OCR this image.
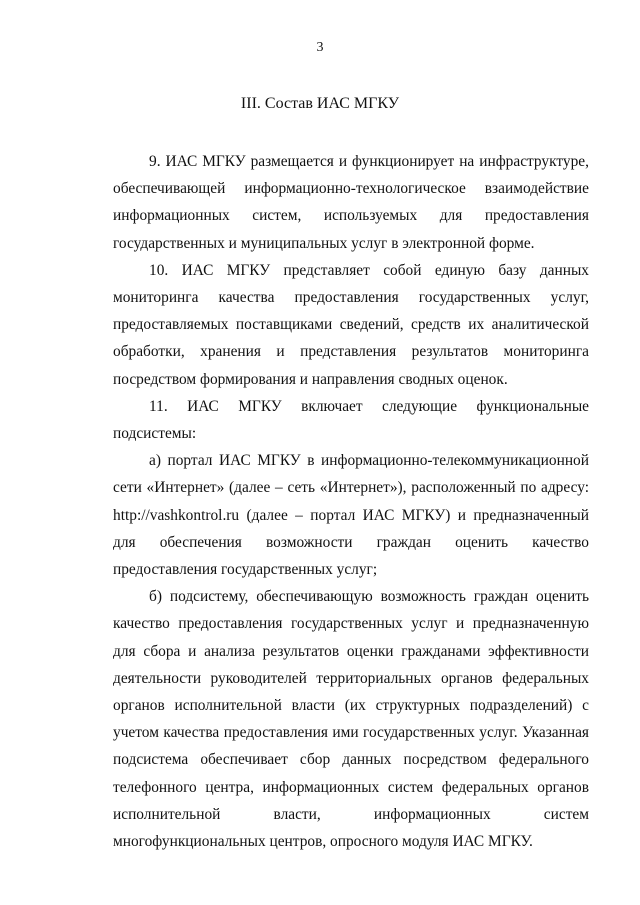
3
III. Состав ИАС МГКУ

9. ИАС МГКУ размещается и функционирует на инфраструктуре, обеспечивающей информационно-технологическое взаимодействие информационных систем, используемых для предоставления государственных и муниципальных услуг в электронной форме.

10. ИАС МГКУ представляет собой единую базу данных мониторинга качества предоставления государственных услуг, предоставляемых поставщиками сведений, средств их аналитической обработки, хранения и представления результатов мониторинга посредством формирования и направления сводных оценок.

11. ИАС МГКУ включает следующие функциональные подсистемы:

а) портал ИАС МГКУ в информационно-телекоммуникационной сети «Интернет» (далее – сеть «Интернет»), расположенный по адресу: http://vashkontrol.ru (далее – портал ИАС МГКУ) и предназначенный для обеспечения возможности граждан оценить качество предоставления государственных услуг;

б) подсистему, обеспечивающую возможность граждан оценить качество предоставления государственных услуг и предназначенную для сбора и анализа результатов оценки гражданами эффективности деятельности руководителей территориальных органов федеральных органов исполнительной власти (их структурных подразделений) с учетом качества предоставления ими государственных услуг. Указанная подсистема обеспечивает сбор данных посредством федерального телефонного центра, информационных систем федеральных органов исполнительной власти, информационных систем многофункциональных центров, опросного модуля ИАС МГКУ.
